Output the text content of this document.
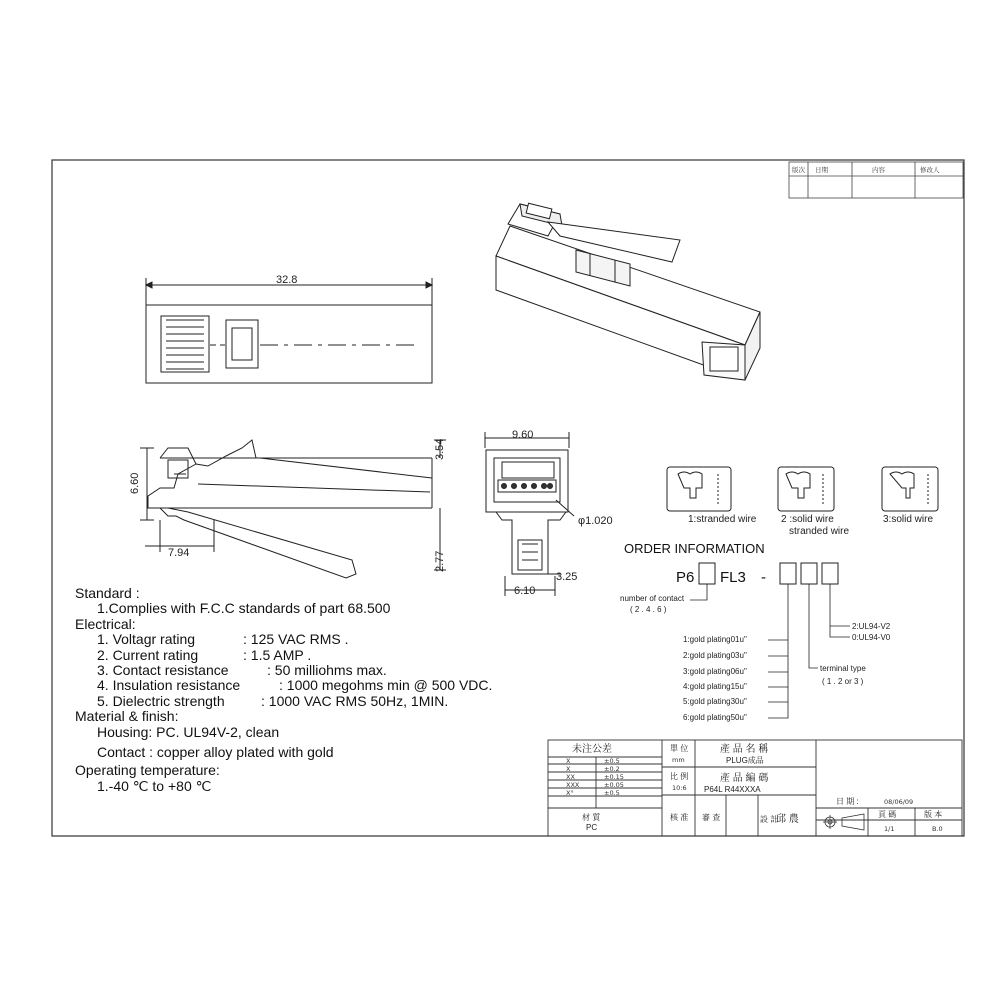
版次 日期	内容	修改人
32.8
6.60
3.54
7.94	2.77
9.60
φ1.020
3.25
6.10
1:stranded wire 2 :solid wire
stranded wire
3:solid wire
ORDER INFORMATION
P6 FL3 -
number of contact
( 2 . 4 . 6 )
1:gold plating01u"
2:gold plating03u"
3:gold plating06u"
4:gold plating15u"
5:gold plating30u"
6:gold plating50u"
terminal type
( 1 . 2 or 3 )
2:UL94-V2
0:UL94-V0
未注公差
X	±0.5
X	±0.2
XX	±0.15
XXX	±0.05
X°	±0.5
單 位
mm
比 例
10:6
產 品 名 稱
PLUG成品
產 品 編 碼
P64L R44XXXA
材 質
PC
核 准 審 查	設 計
邱 農
日 期 :	08/06/09
頁 碼
1/1
版 本
B.0
Standard :
1.Complies with F.C.C standards of part 68.500
Electrical:
1. Voltagr rating	: 125 VAC RMS .
2. Current rating	: 1.5 AMP .
3. Contact resistance	: 50 milliohms max.
4. Insulation resistance	: 1000 megohms min @ 500 VDC.
5. Dielectric strength	: 1000 VAC RMS 50Hz, 1MIN.
Material & finish:
Housing: PC. UL94V-2, clean
Contact : copper alloy plated with gold
Operating temperature:
1.-40 ℃ to +80 ℃
